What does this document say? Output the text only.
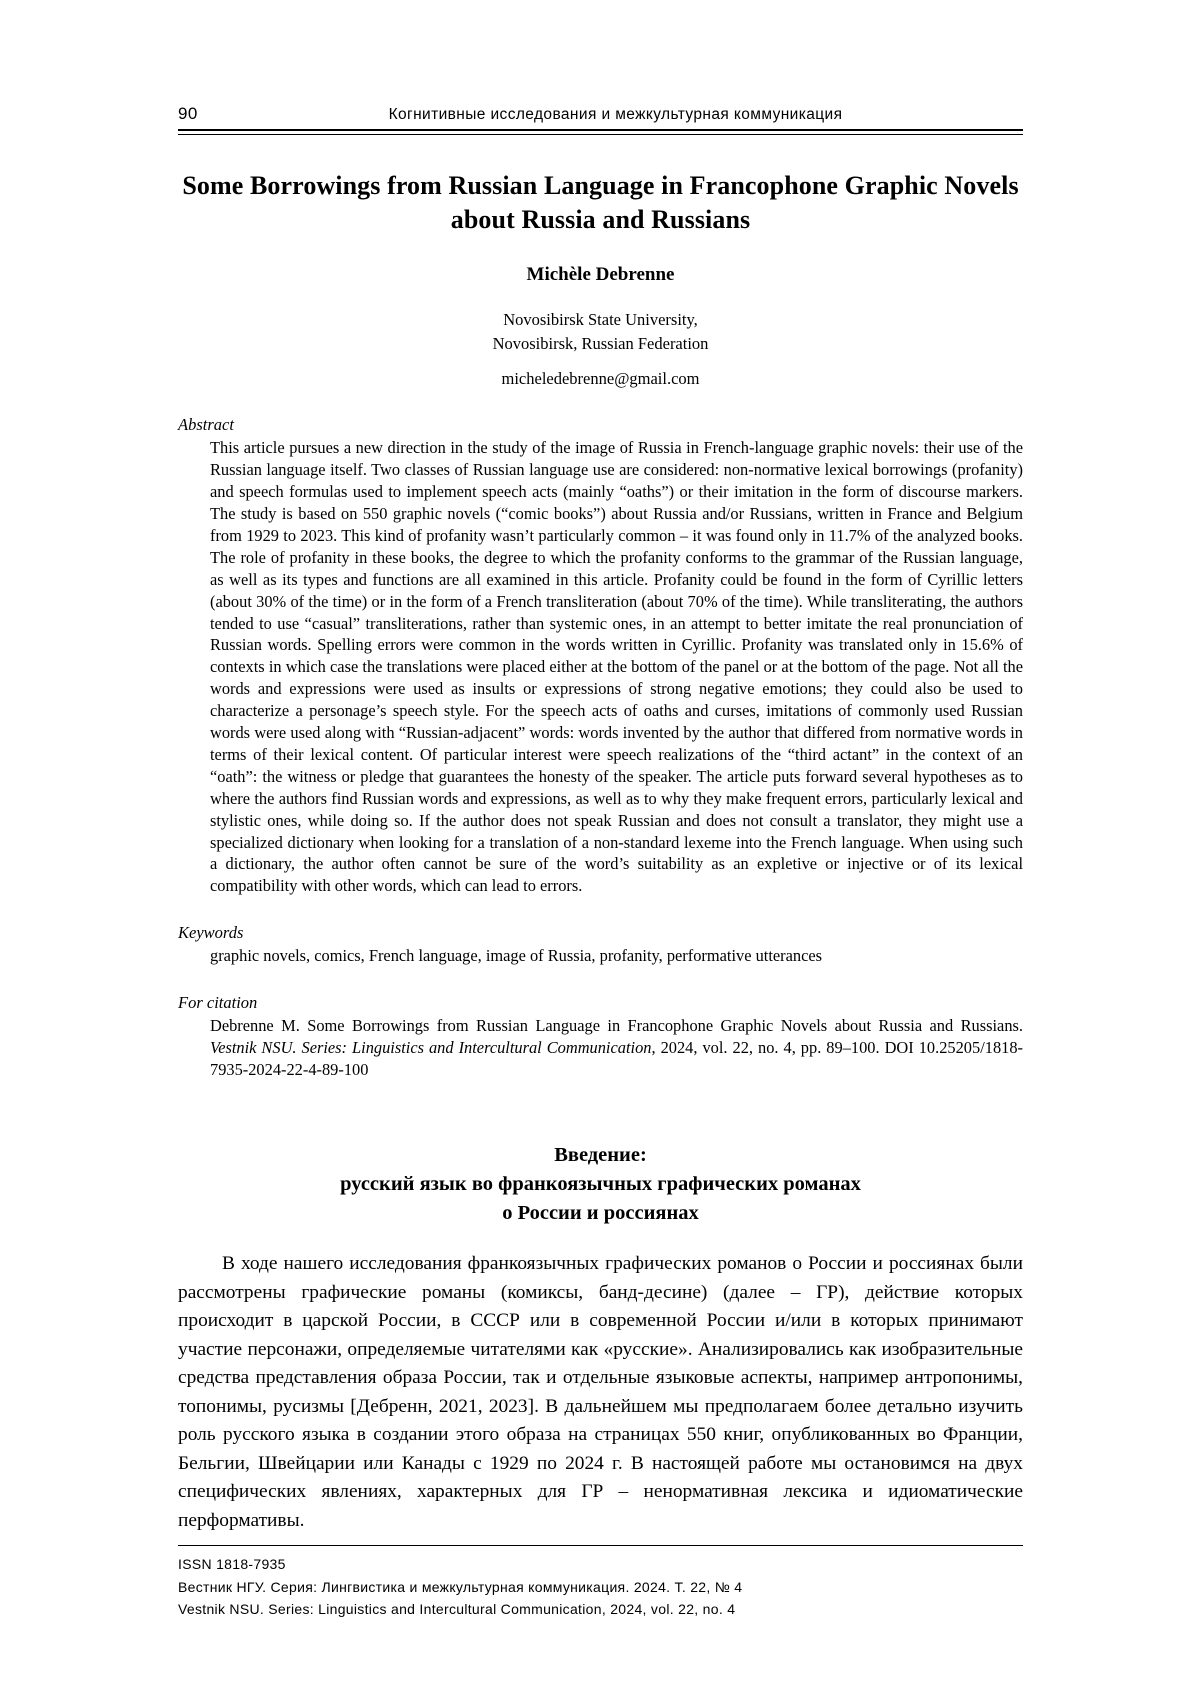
90	Когнитивные исследования и межкультурная коммуникация
Some Borrowings from Russian Language in Francophone Graphic Novels about Russia and Russians
Michèle Debrenne
Novosibirsk State University,
Novosibirsk, Russian Federation
micheledebrenne@gmail.com
Abstract
This article pursues a new direction in the study of the image of Russia in French-language graphic novels: their use of the Russian language itself. Two classes of Russian language use are considered: non-normative lexical borrowings (profanity) and speech formulas used to implement speech acts (mainly “oaths”) or their imitation in the form of discourse markers. The study is based on 550 graphic novels (“comic books”) about Russia and/or Russians, written in France and Belgium from 1929 to 2023. This kind of profanity wasn’t particularly common – it was found only in 11.7% of the analyzed books. The role of profanity in these books, the degree to which the profanity conforms to the grammar of the Russian language, as well as its types and functions are all examined in this article. Profanity could be found in the form of Cyrillic letters (about 30% of the time) or in the form of a French transliteration (about 70% of the time). While transliterating, the authors tended to use “casual” transliterations, rather than systemic ones, in an attempt to better imitate the real pronunciation of Russian words. Spelling errors were common in the words written in Cyrillic. Profanity was translated only in 15.6% of contexts in which case the translations were placed either at the bottom of the panel or at the bottom of the page. Not all the words and expressions were used as insults or expressions of strong negative emotions; they could also be used to characterize a personage’s speech style. For the speech acts of oaths and curses, imitations of commonly used Russian words were used along with “Russian-adjacent” words: words invented by the author that differed from normative words in terms of their lexical content. Of particular interest were speech realizations of the “third actant” in the context of an “oath”: the witness or pledge that guarantees the honesty of the speaker. The article puts forward several hypotheses as to where the authors find Russian words and expressions, as well as to why they make frequent errors, particularly lexical and stylistic ones, while doing so. If the author does not speak Russian and does not consult a translator, they might use a specialized dictionary when looking for a translation of a non-standard lexeme into the French language. When using such a dictionary, the author often cannot be sure of the word’s suitability as an expletive or injective or of its lexical compatibility with other words, which can lead to errors.
Keywords
graphic novels, comics, French language, image of Russia, profanity, performative utterances
For citation
Debrenne M. Some Borrowings from Russian Language in Francophone Graphic Novels about Russia and Russians. Vestnik NSU. Series: Linguistics and Intercultural Communication, 2024, vol. 22, no. 4, pp. 89–100. DOI 10.25205/1818-7935-2024-22-4-89-100
Введение:
русский язык во франкоязычных графических романах
о России и россиянах
В ходе нашего исследования франкоязычных графических романов о России и россиянах были рассмотрены графические романы (комиксы, банд-десине) (далее – ГР), действие которых происходит в царской России, в СССР или в современной России и/или в которых принимают участие персонажи, определяемые читателями как «русские». Анализировались как изобразительные средства представления образа России, так и отдельные языковые аспекты, например антропонимы, топонимы, русизмы [Дебренн, 2021, 2023]. В дальнейшем мы предполагаем более детально изучить роль русского языка в создании этого образа на страницах 550 книг, опубликованных во Франции, Бельгии, Швейцарии или Канады с 1929 по 2024 г. В настоящей работе мы остановимся на двух специфических явлениях, характерных для ГР – ненормативная лексика и идиоматические перформативы.
ISSN 1818-7935
Вестник НГУ. Серия: Лингвистика и межкультурная коммуникация. 2024. Т. 22, № 4
Vestnik NSU. Series: Linguistics and Intercultural Communication, 2024, vol. 22, no. 4
